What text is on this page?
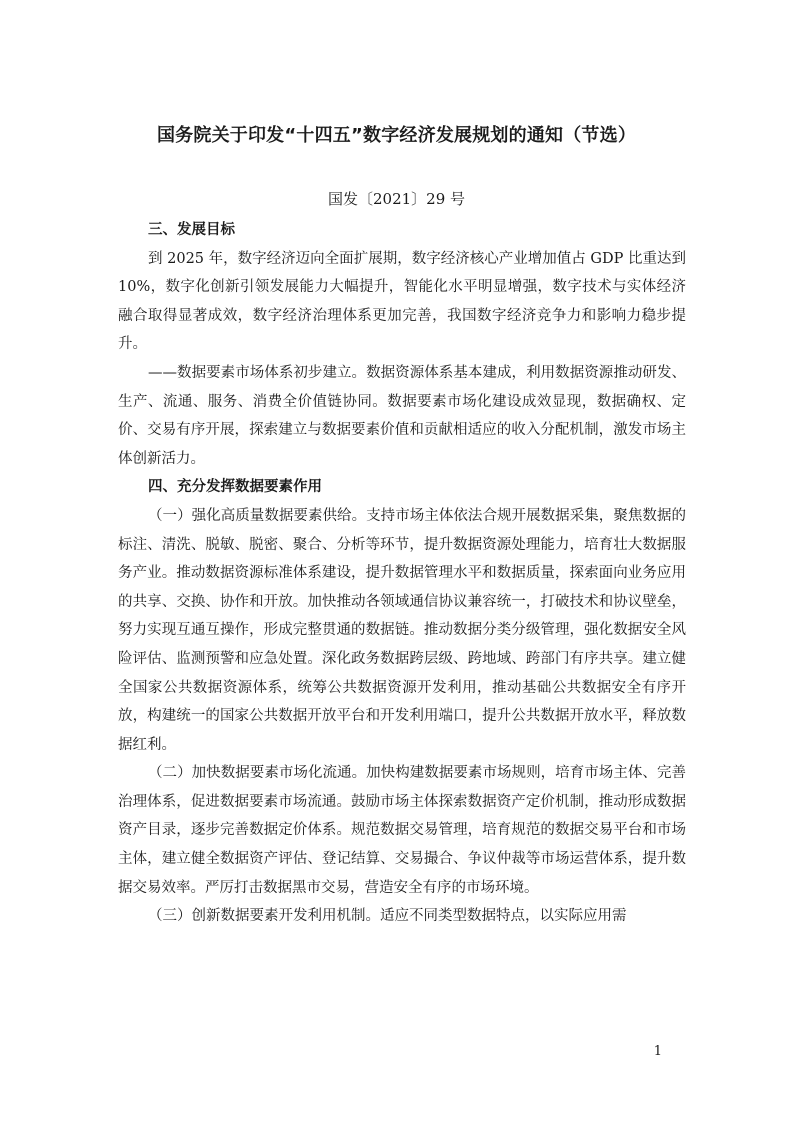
国务院关于印发“十四五”数字经济发展规划的通知（节选）

国发〔2021〕29 号

三、发展目标

到 2025 年，数字经济迈向全面扩展期，数字经济核心产业增加值占 GDP 比重达到 10%，数字化创新引领发展能力大幅提升，智能化水平明显增强，数字技术与实体经济融合取得显著成效，数字经济治理体系更加完善，我国数字经济竞争力和影响力稳步提升。

——数据要素市场体系初步建立。数据资源体系基本建成，利用数据资源推动研发、生产、流通、服务、消费全价值链协同。数据要素市场化建设成效显现，数据确权、定价、交易有序开展，探索建立与数据要素价值和贡献相适应的收入分配机制，激发市场主体创新活力。

四、充分发挥数据要素作用

（一）强化高质量数据要素供给。支持市场主体依法合规开展数据采集，聚焦数据的标注、清洗、脱敏、脱密、聚合、分析等环节，提升数据资源处理能力，培育壮大数据服务产业。推动数据资源标准体系建设，提升数据管理水平和数据质量，探索面向业务应用的共享、交换、协作和开放。加快推动各领域通信协议兼容统一，打破技术和协议壁垒，努力实现互通互操作，形成完整贯通的数据链。推动数据分类分级管理，强化数据安全风险评估、监测预警和应急处置。深化政务数据跨层级、跨地域、跨部门有序共享。建立健全国家公共数据资源体系，统筹公共数据资源开发利用，推动基础公共数据安全有序开放，构建统一的国家公共数据开放平台和开发利用端口，提升公共数据开放水平，释放数据红利。

（二）加快数据要素市场化流通。加快构建数据要素市场规则，培育市场主体、完善治理体系，促进数据要素市场流通。鼓励市场主体探索数据资产定价机制，推动形成数据资产目录，逐步完善数据定价体系。规范数据交易管理，培育规范的数据交易平台和市场主体，建立健全数据资产评估、登记结算、交易撮合、争议仲裁等市场运营体系，提升数据交易效率。严厉打击数据黑市交易，营造安全有序的市场环境。

（三）创新数据要素开发利用机制。适应不同类型数据特点，以实际应用需

1
